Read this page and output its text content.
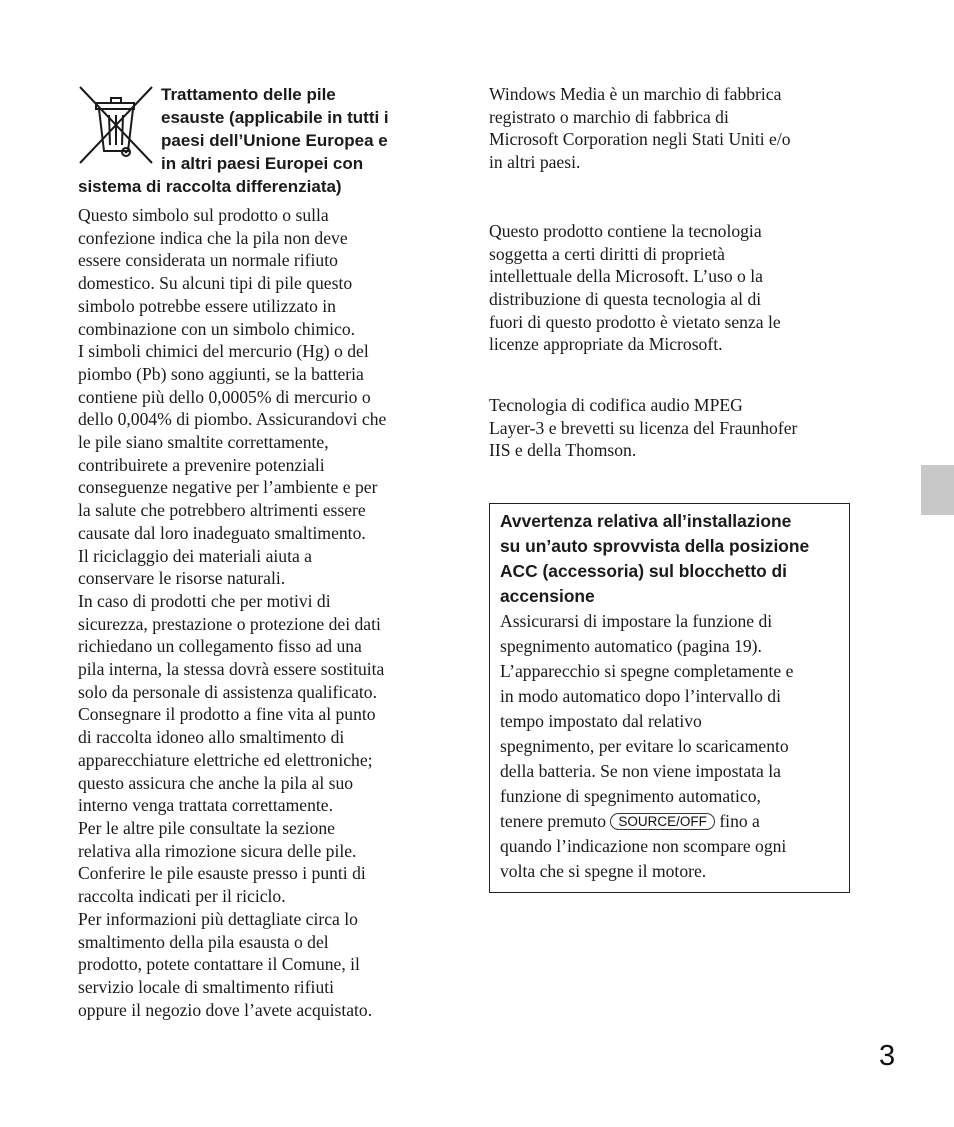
Trattamento delle pile
esauste (applicabile in tutti i
paesi dell’Unione Europea e
in altri paesi Europei con
sistema di raccolta differenziata)
Questo simbolo sul prodotto o sulla
confezione indica che la pila non deve
essere considerata un normale rifiuto
domestico. Su alcuni tipi di pile questo
simbolo potrebbe essere utilizzato in
combinazione con un simbolo chimico.
I simboli chimici del mercurio (Hg) o del
piombo (Pb) sono aggiunti, se la batteria
contiene più dello 0,0005% di mercurio o
dello 0,004% di piombo. Assicurandovi che
le pile siano smaltite correttamente,
contribuirete a prevenire potenziali
conseguenze negative per l’ambiente e per
la salute che potrebbero altrimenti essere
causate dal loro inadeguato smaltimento.
Il riciclaggio dei materiali aiuta a
conservare le risorse naturali.
In caso di prodotti che per motivi di
sicurezza, prestazione o protezione dei dati
richiedano un collegamento fisso ad una
pila interna, la stessa dovrà essere sostituita
solo da personale di assistenza qualificato.
Consegnare il prodotto a fine vita al punto
di raccolta idoneo allo smaltimento di
apparecchiature elettriche ed elettroniche;
questo assicura che anche la pila al suo
interno venga trattata correttamente.
Per le altre pile consultate la sezione
relativa alla rimozione sicura delle pile.
Conferire le pile esauste presso i punti di
raccolta indicati per il riciclo.
Per informazioni più dettagliate circa lo
smaltimento della pila esausta o del
prodotto, potete contattare il Comune, il
servizio locale di smaltimento rifiuti
oppure il negozio dove l’avete acquistato.

Windows Media è un marchio di fabbrica
registrato o marchio di fabbrica di
Microsoft Corporation negli Stati Uniti e/o
in altri paesi.

Questo prodotto contiene la tecnologia
soggetta a certi diritti di proprietà
intellettuale della Microsoft. L’uso o la
distribuzione di questa tecnologia al di
fuori di questo prodotto è vietato senza le
licenze appropriate da Microsoft.

Tecnologia di codifica audio MPEG
Layer-3 e brevetti su licenza del Fraunhofer
IIS e della Thomson.

Avvertenza relativa all’installazione
su un’auto sprovvista della posizione
ACC (accessoria) sul blocchetto di
accensione
Assicurarsi di impostare la funzione di
spegnimento automatico (pagina 19).
L’apparecchio si spegne completamente e
in modo automatico dopo l’intervallo di
tempo impostato dal relativo
spegnimento, per evitare lo scaricamento
della batteria. Se non viene impostata la
funzione di spegnimento automatico,
tenere premuto SOURCE/OFF fino a
quando l’indicazione non scompare ogni
volta che si spegne il motore.
3
